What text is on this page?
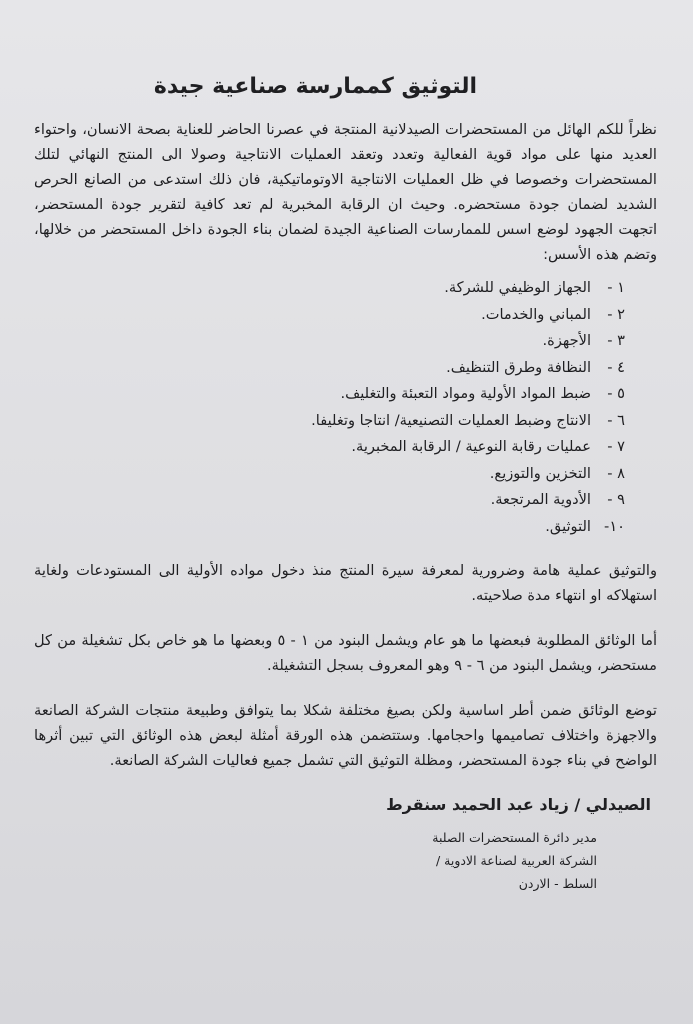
التوثيق كممارسة صناعية جيدة

نظراً للكم الهائل من المستحضرات الصيدلانية المنتجة في عصرنا الحاضر للعناية بصحة الانسان، واحتواء العديد منها على مواد قوية الفعالية وتعدد وتعقد العمليات الانتاجية وصولا الى المنتج النهائي لتلك المستحضرات وخصوصا في ظل العمليات الانتاجية الاوتوماتيكية، فان ذلك استدعى من الصانع الحرص الشديد لضمان جودة مستحضره. وحيث ان الرقابة المخبرية لم تعد كافية لتقرير جودة المستحضر، اتجهت الجهود لوضع اسس للممارسات الصناعية الجيدة لضمان بناء الجودة داخل المستحضر من خلالها، وتضم هذه الأسس:

١ -
الجهاز الوظيفي للشركة.
٢ -
المباني والخدمات.
٣ -
الأجهزة.
٤ -
النظافة وطرق التنظيف.
٥ -
ضبط المواد الأولية ومواد التعبئة والتغليف.
٦ -
الانتاج وضبط العمليات التصنيعية/ انتاجا وتغليفا.
٧ -
عمليات رقابة النوعية / الرقابة المخبرية.
٨ -
التخزين والتوزيع.
٩ -
الأدوية المرتجعة.
١٠-
التوثيق.

والتوثيق عملية هامة وضرورية لمعرفة سيرة المنتج منذ دخول مواده الأولية الى المستودعات ولغاية استهلاكه او انتهاء مدة صلاحيته.

أما الوثائق المطلوبة فبعضها ما هو عام ويشمل البنود من ١ - ٥ وبعضها ما هو خاص بكل تشغيلة من كل مستحضر، ويشمل البنود من ٦ - ٩ وهو المعروف بسجل التشغيلة.

توضع الوثائق ضمن أطر اساسية ولكن بصيغ مختلفة شكلا بما يتوافق وطبيعة منتجات الشركة الصانعة والاجهزة واختلاف تصاميمها واحجامها. وستتضمن هذه الورقة أمثلة لبعض هذه الوثائق التي تبين أثرها الواضح في بناء جودة المستحضر، ومظلة التوثيق التي تشمل جميع فعاليات الشركة الصانعة.

الصيدلي / زياد عبد الحميد سنقرط
مدير دائرة المستحضرات الصلبة
الشركة العربية لصناعة الادوية /
السلط - الاردن
